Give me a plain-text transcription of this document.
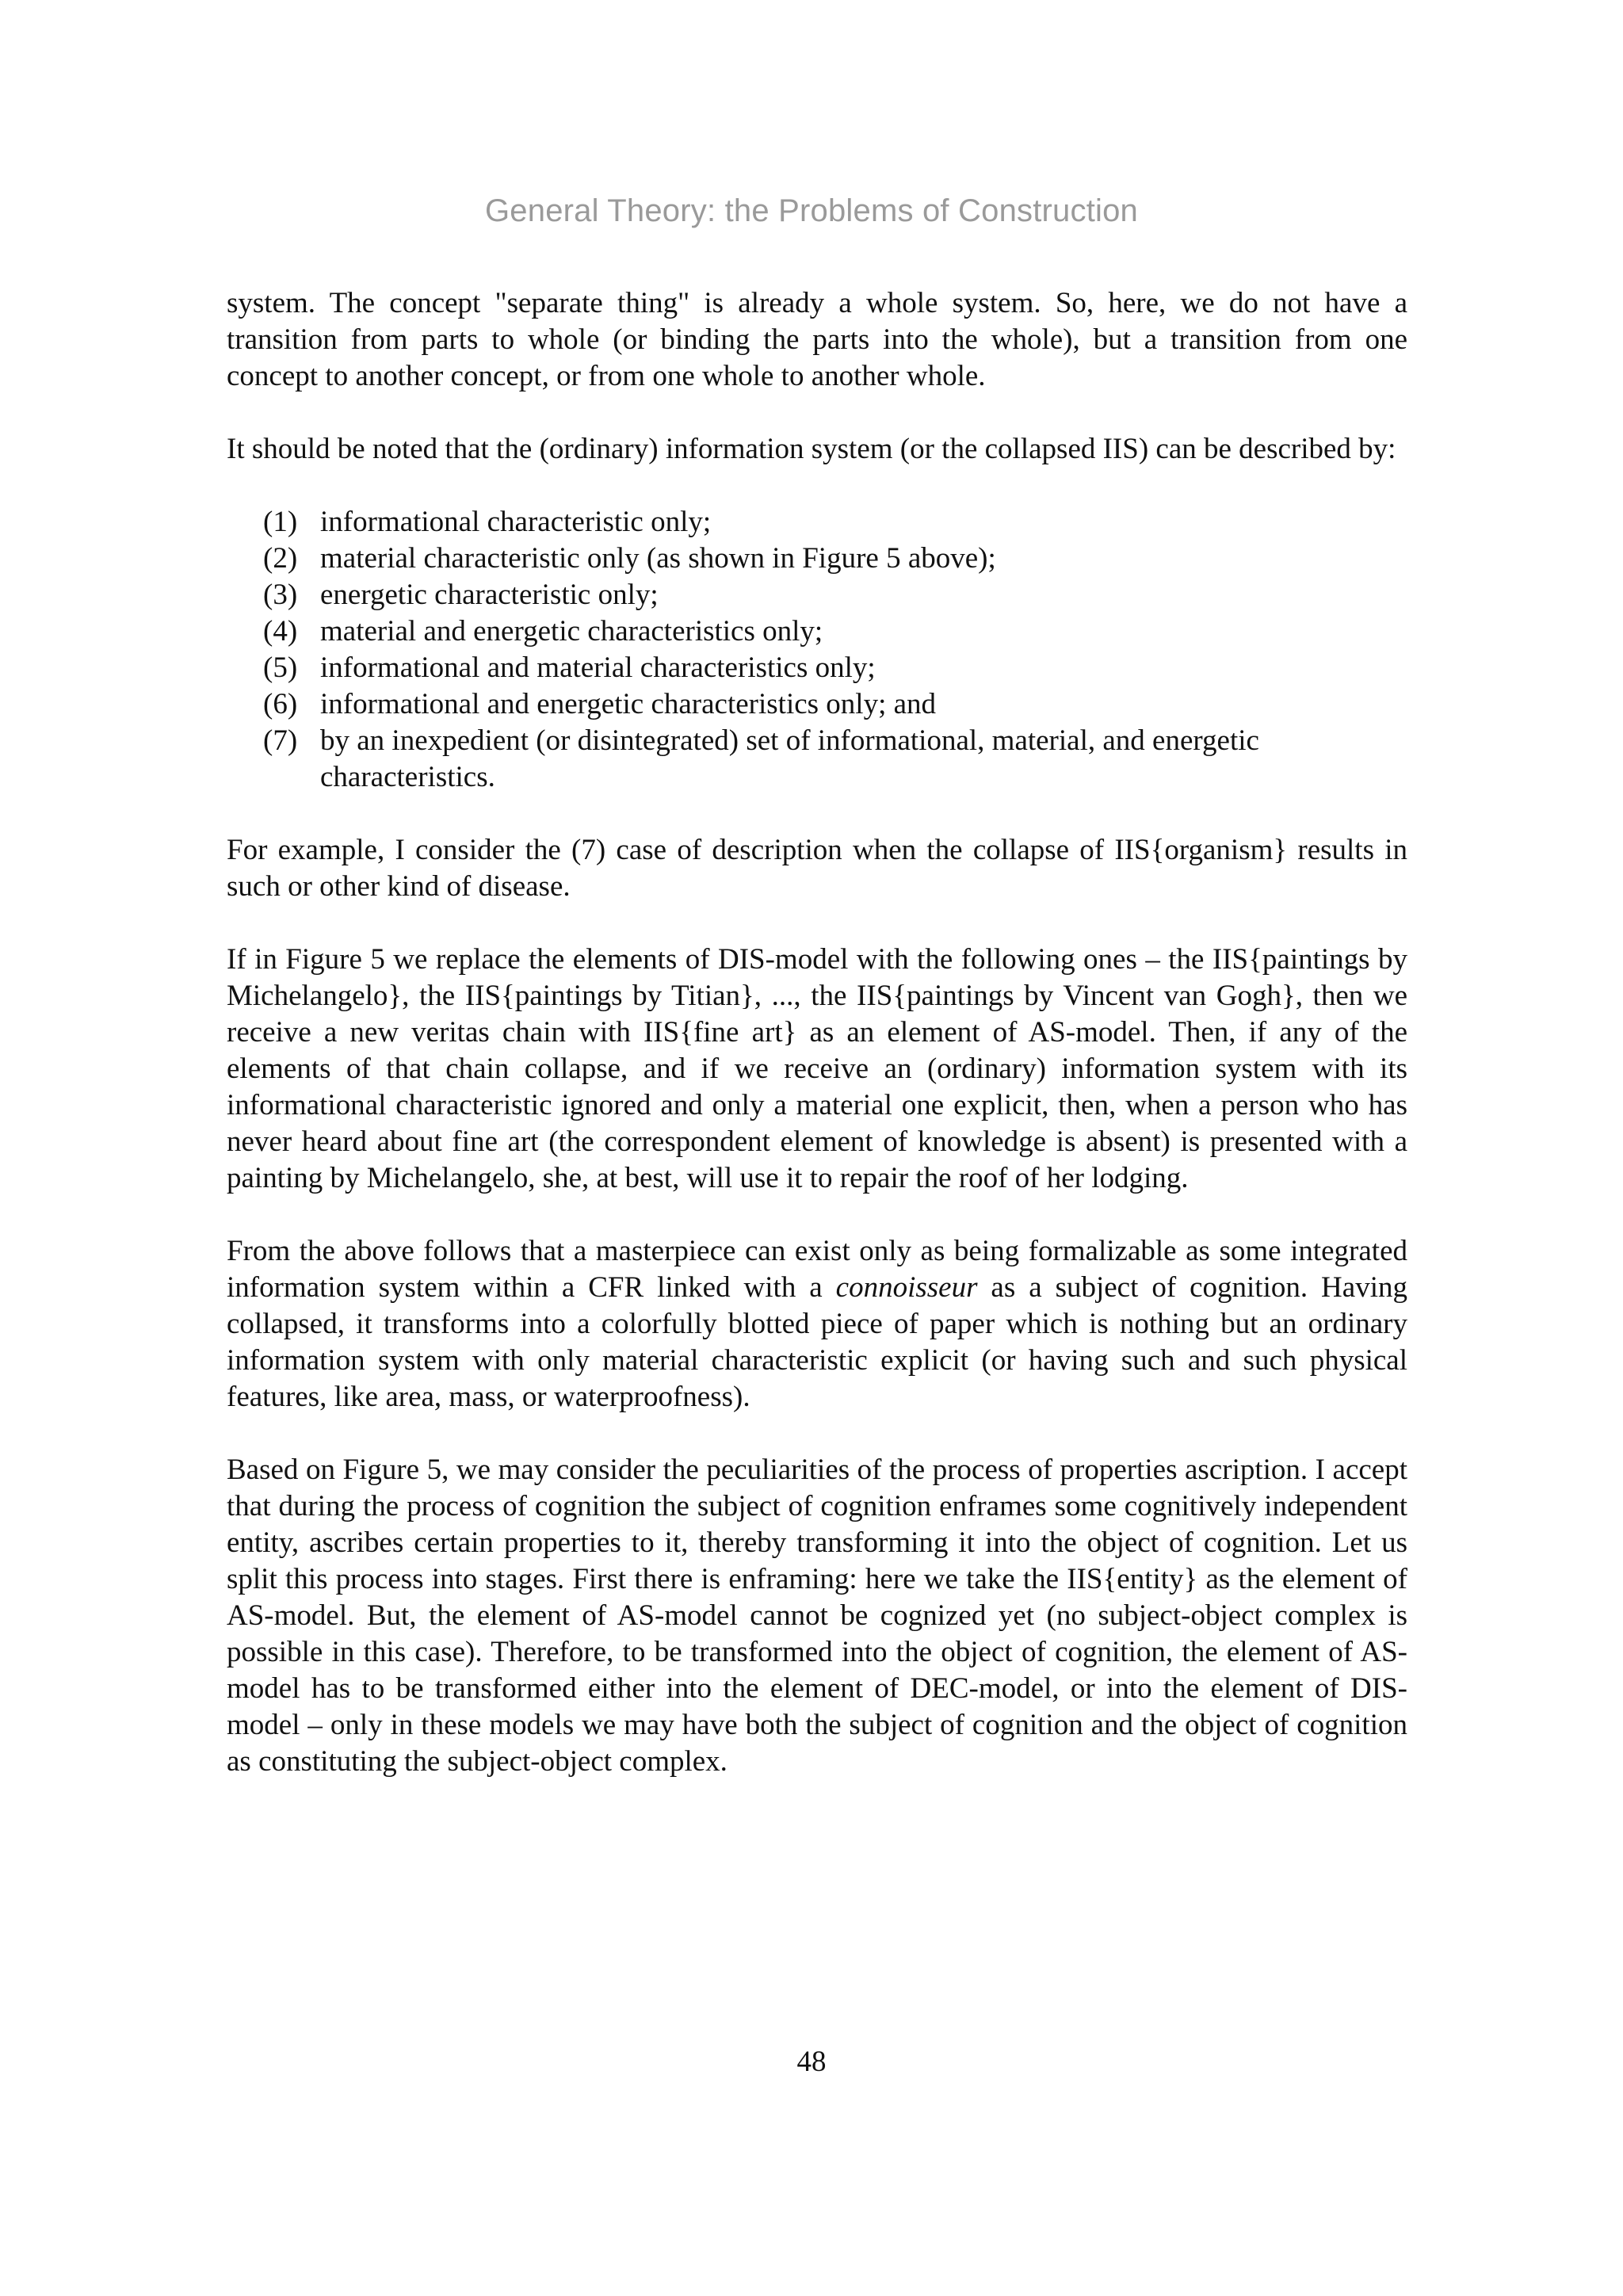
General Theory: the Problems of Construction

system. The concept "separate thing" is already a whole system. So, here, we do not have a transition from parts to whole (or binding the parts into the whole), but a transition from one concept to another concept, or from one whole to another whole.

It should be noted that the (ordinary) information system (or the collapsed IIS) can be described by:

(1) informational characteristic only;
(2) material characteristic only (as shown in Figure 5 above);
(3) energetic characteristic only;
(4) material and energetic characteristics only;
(5) informational and material characteristics only;
(6) informational and energetic characteristics only; and
(7) by an inexpedient (or disintegrated) set of informational, material, and energetic characteristics.

For example, I consider the (7) case of description when the collapse of IIS{organism} results in such or other kind of disease.

If in Figure 5 we replace the elements of DIS-model with the following ones – the IIS{paintings by Michelangelo}, the IIS{paintings by Titian}, ..., the IIS{paintings by Vincent van Gogh}, then we receive a new veritas chain with IIS{fine art} as an element of AS-model. Then, if any of the elements of that chain collapse, and if we receive an (ordinary) information system with its informational characteristic ignored and only a material one explicit, then, when a person who has never heard about fine art (the correspondent element of knowledge is absent) is presented with a painting by Michelangelo, she, at best, will use it to repair the roof of her lodging.

From the above follows that a masterpiece can exist only as being formalizable as some integrated information system within a CFR linked with a connoisseur as a subject of cognition. Having collapsed, it transforms into a colorfully blotted piece of paper which is nothing but an ordinary information system with only material characteristic explicit (or having such and such physical features, like area, mass, or waterproofness).

Based on Figure 5, we may consider the peculiarities of the process of properties ascription. I accept that during the process of cognition the subject of cognition enframes some cognitively independent entity, ascribes certain properties to it, thereby transforming it into the object of cognition. Let us split this process into stages. First there is enframing: here we take the IIS{entity} as the element of AS-model. But, the element of AS-model cannot be cognized yet (no subject-object complex is possible in this case). Therefore, to be transformed into the object of cognition, the element of AS-model has to be transformed either into the element of DEC-model, or into the element of DIS-model – only in these models we may have both the subject of cognition and the object of cognition as constituting the subject-object complex.

48
